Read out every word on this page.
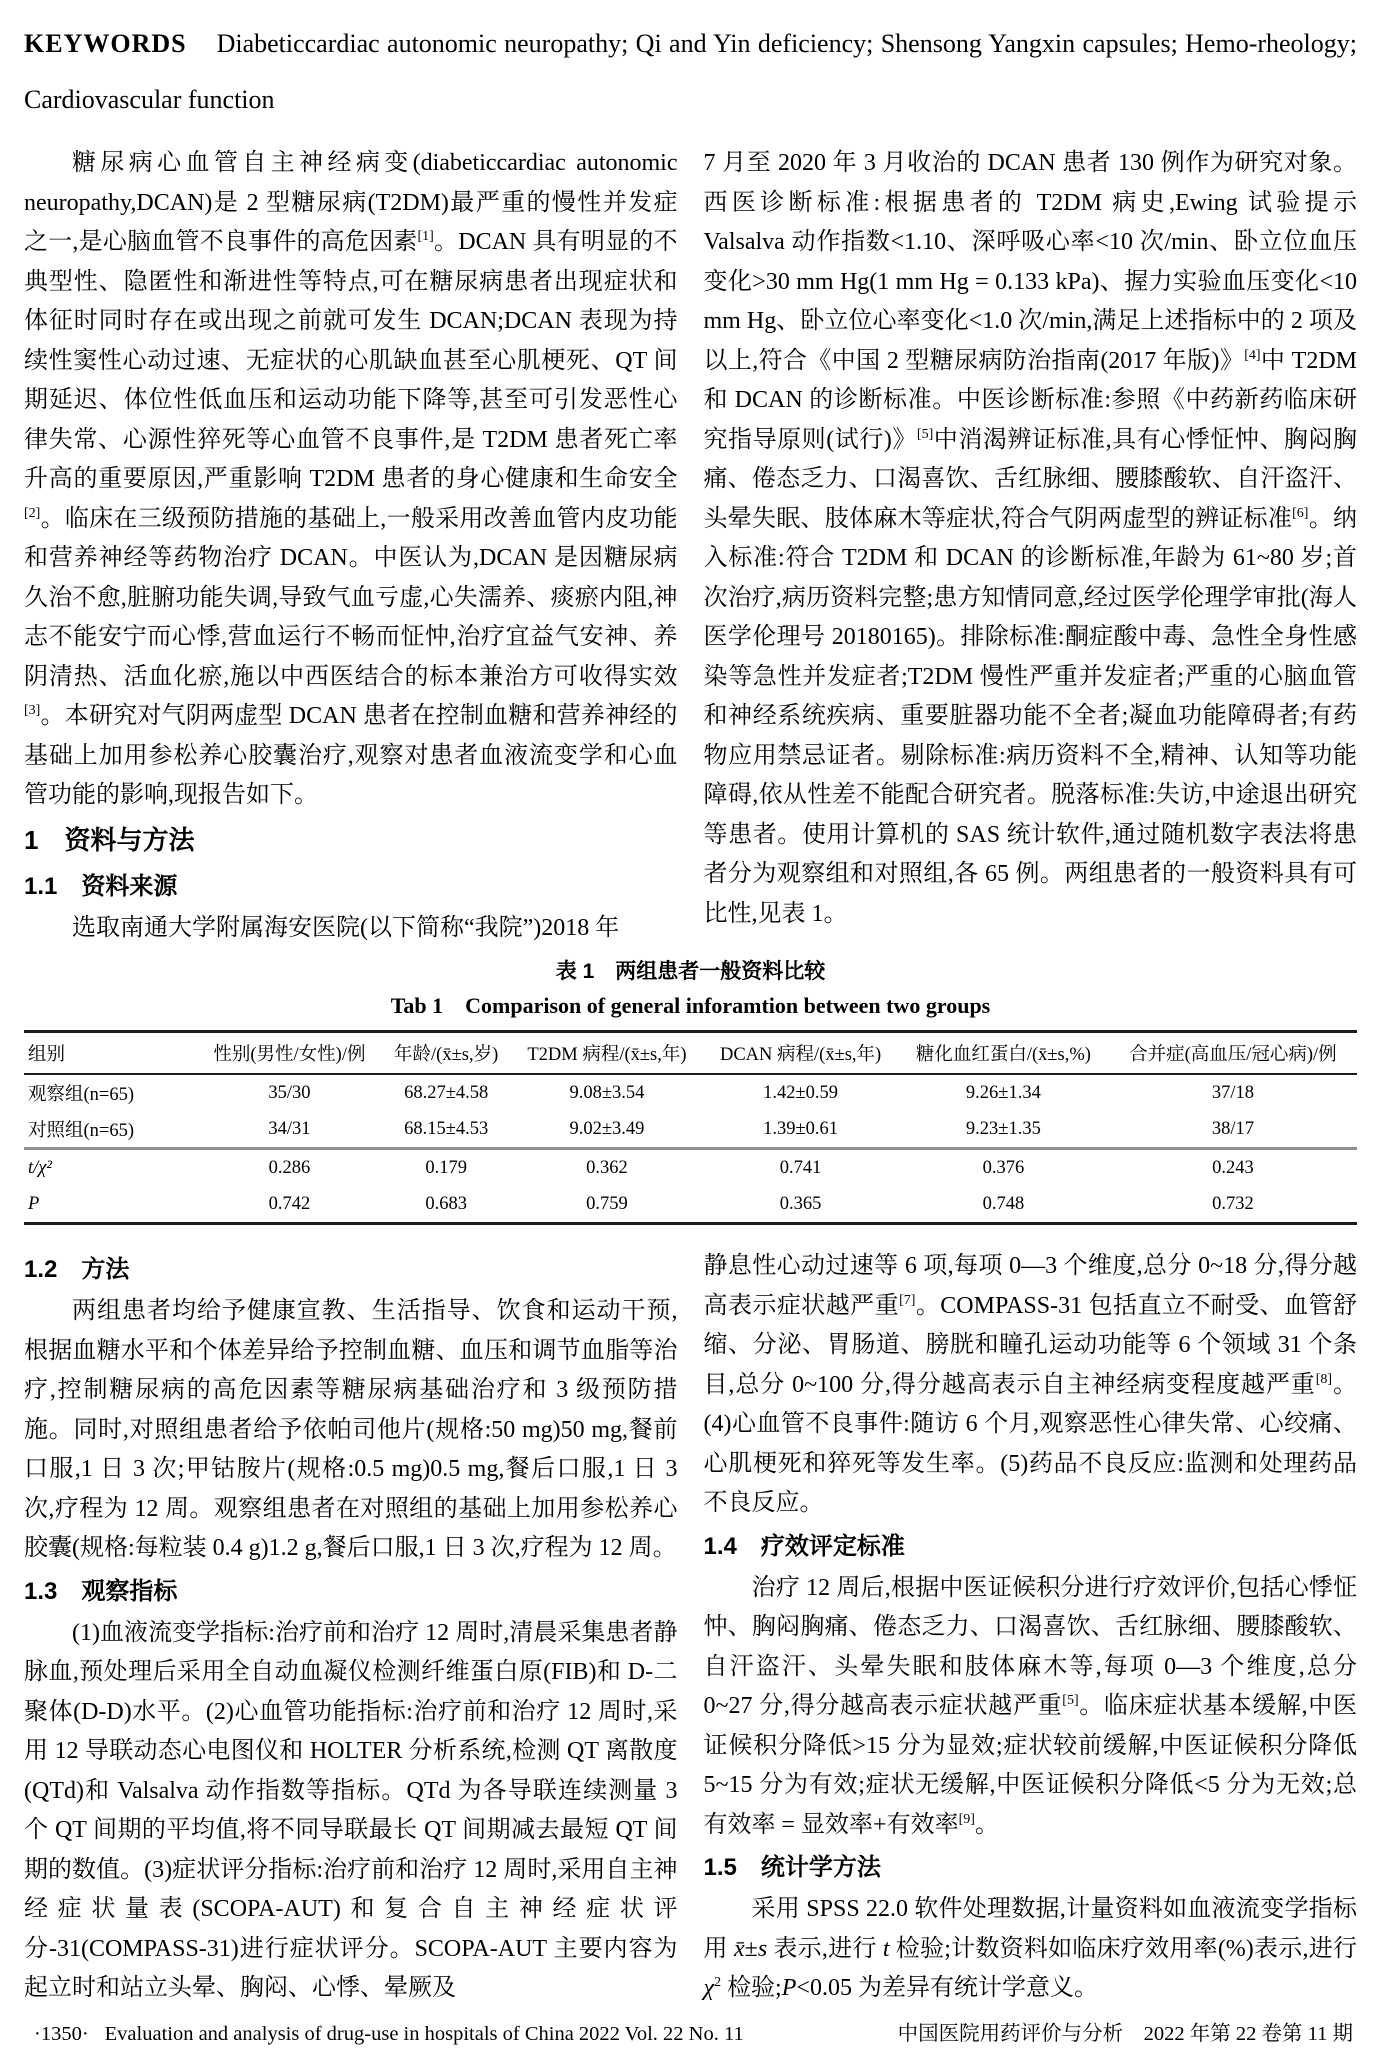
KEYWORDS Diabeticcardiac autonomic neuropathy; Qi and Yin deficiency; Shensong Yangxin capsules; Hemo-rheology; Cardiovascular function

糖尿病心血管自主神经病变(diabeticcardiac autonomic neuropathy,DCAN)是 2 型糖尿病(T2DM)最严重的慢性并发症之一,是心脑血管不良事件的高危因素[1]。DCAN 具有明显的不典型性、隐匿性和渐进性等特点,可在糖尿病患者出现症状和体征时同时存在或出现之前就可发生 DCAN;DCAN 表现为持续性窦性心动过速、无症状的心肌缺血甚至心肌梗死、QT 间期延迟、体位性低血压和运动功能下降等,甚至可引发恶性心律失常、心源性猝死等心血管不良事件,是 T2DM 患者死亡率升高的重要原因,严重影响 T2DM 患者的身心健康和生命安全[2]。临床在三级预防措施的基础上,一般采用改善血管内皮功能和营养神经等药物治疗 DCAN。中医认为,DCAN 是因糖尿病久治不愈,脏腑功能失调,导致气血亏虚,心失濡养、痰瘀内阻,神志不能安宁而心悸,营血运行不畅而怔忡,治疗宜益气安神、养阴清热、活血化瘀,施以中西医结合的标本兼治方可收得实效[3]。本研究对气阴两虚型 DCAN 患者在控制血糖和营养神经的基础上加用参松养心胶囊治疗,观察对患者血液流变学和心血管功能的影响,现报告如下。

1　资料与方法

1.1　资料来源

选取南通大学附属海安医院(以下简称“我院”)2018 年

7 月至 2020 年 3 月收治的 DCAN 患者 130 例作为研究对象。西医诊断标准:根据患者的 T2DM 病史,Ewing 试验提示 Valsalva 动作指数<1.10、深呼吸心率<10 次/min、卧立位血压变化>30 mm Hg(1 mm Hg = 0.133 kPa)、握力实验血压变化<10 mm Hg、卧立位心率变化<1.0 次/min,满足上述指标中的 2 项及以上,符合《中国 2 型糖尿病防治指南(2017 年版)》[4]中 T2DM 和 DCAN 的诊断标准。中医诊断标准:参照《中药新药临床研究指导原则(试行)》[5]中消渴辨证标准,具有心悸怔忡、胸闷胸痛、倦态乏力、口渴喜饮、舌红脉细、腰膝酸软、自汗盗汗、头晕失眠、肢体麻木等症状,符合气阴两虚型的辨证标准[6]。纳入标准:符合 T2DM 和 DCAN 的诊断标准,年龄为 61~80 岁;首次治疗,病历资料完整;患方知情同意,经过医学伦理学审批(海人医学伦理号 20180165)。排除标准:酮症酸中毒、急性全身性感染等急性并发症者;T2DM 慢性严重并发症者;严重的心脑血管和神经系统疾病、重要脏器功能不全者;凝血功能障碍者;有药物应用禁忌证者。剔除标准:病历资料不全,精神、认知等功能障碍,依从性差不能配合研究者。脱落标准:失访,中途退出研究等患者。使用计算机的 SAS 统计软件,通过随机数字表法将患者分为观察组和对照组,各 65 例。两组患者的一般资料具有可比性,见表 1。

表 1　两组患者一般资料比较
Tab 1　Comparison of general inforamtion between two groups
组别	性别(男性/女性)/例	年龄/(x̄±s,岁)	T2DM 病程/(x̄±s,年)	DCAN 病程/(x̄±s,年)	糖化血红蛋白/(x̄±s,%)	合并症(高血压/冠心病)/例
观察组(n=65)	35/30	68.27±4.58	9.08±3.54	1.42±0.59	9.26±1.34	37/18
对照组(n=65)	34/31	68.15±4.53	9.02±3.49	1.39±0.61	9.23±1.35	38/17
t/χ²	0.286	0.179	0.362	0.741	0.376	0.243
P	0.742	0.683	0.759	0.365	0.748	0.732

1.2　方法

两组患者均给予健康宣教、生活指导、饮食和运动干预,根据血糖水平和个体差异给予控制血糖、血压和调节血脂等治疗,控制糖尿病的高危因素等糖尿病基础治疗和 3 级预防措施。同时,对照组患者给予依帕司他片(规格:50 mg)50 mg,餐前口服,1 日 3 次;甲钴胺片(规格:0.5 mg)0.5 mg,餐后口服,1 日 3 次,疗程为 12 周。观察组患者在对照组的基础上加用参松养心胶囊(规格:每粒装 0.4 g)1.2 g,餐后口服,1 日 3 次,疗程为 12 周。

1.3　观察指标

(1)血液流变学指标:治疗前和治疗 12 周时,清晨采集患者静脉血,预处理后采用全自动血凝仪检测纤维蛋白原(FIB)和 D-二聚体(D-D)水平。(2)心血管功能指标:治疗前和治疗 12 周时,采用 12 导联动态心电图仪和 HOLTER 分析系统,检测 QT 离散度(QTd)和 Valsalva 动作指数等指标。QTd 为各导联连续测量 3 个 QT 间期的平均值,将不同导联最长 QT 间期减去最短 QT 间期的数值。(3)症状评分指标:治疗前和治疗 12 周时,采用自主神经症状量表(SCOPA-AUT)和复合自主神经症状评分-31(COMPASS-31)进行症状评分。SCOPA-AUT 主要内容为起立时和站立头晕、胸闷、心悸、晕厥及

静息性心动过速等 6 项,每项 0—3 个维度,总分 0~18 分,得分越高表示症状越严重[7]。COMPASS-31 包括直立不耐受、血管舒缩、分泌、胃肠道、膀胱和瞳孔运动功能等 6 个领域 31 个条目,总分 0~100 分,得分越高表示自主神经病变程度越严重[8]。(4)心血管不良事件:随访 6 个月,观察恶性心律失常、心绞痛、心肌梗死和猝死等发生率。(5)药品不良反应:监测和处理药品不良反应。

1.4　疗效评定标准

治疗 12 周后,根据中医证候积分进行疗效评价,包括心悸怔忡、胸闷胸痛、倦态乏力、口渴喜饮、舌红脉细、腰膝酸软、自汗盗汗、头晕失眠和肢体麻木等,每项 0—3 个维度,总分 0~27 分,得分越高表示症状越严重[5]。临床症状基本缓解,中医证候积分降低>15 分为显效;症状较前缓解,中医证候积分降低 5~15 分为有效;症状无缓解,中医证候积分降低<5 分为无效;总有效率 = 显效率+有效率[9]。

1.5　统计学方法

采用 SPSS 22.0 软件处理数据,计量资料如血液流变学指标用 x̄±s 表示,进行 t 检验;计数资料如临床疗效用率(%)表示,进行 $\chi^2$ 检验;P<0.05 为差异有统计学意义。

·1350· Evaluation and analysis of drug-use in hospitals of China 2022 Vol. 22 No. 11	中国医院用药评价与分析　2022 年第 22 卷第 11 期
